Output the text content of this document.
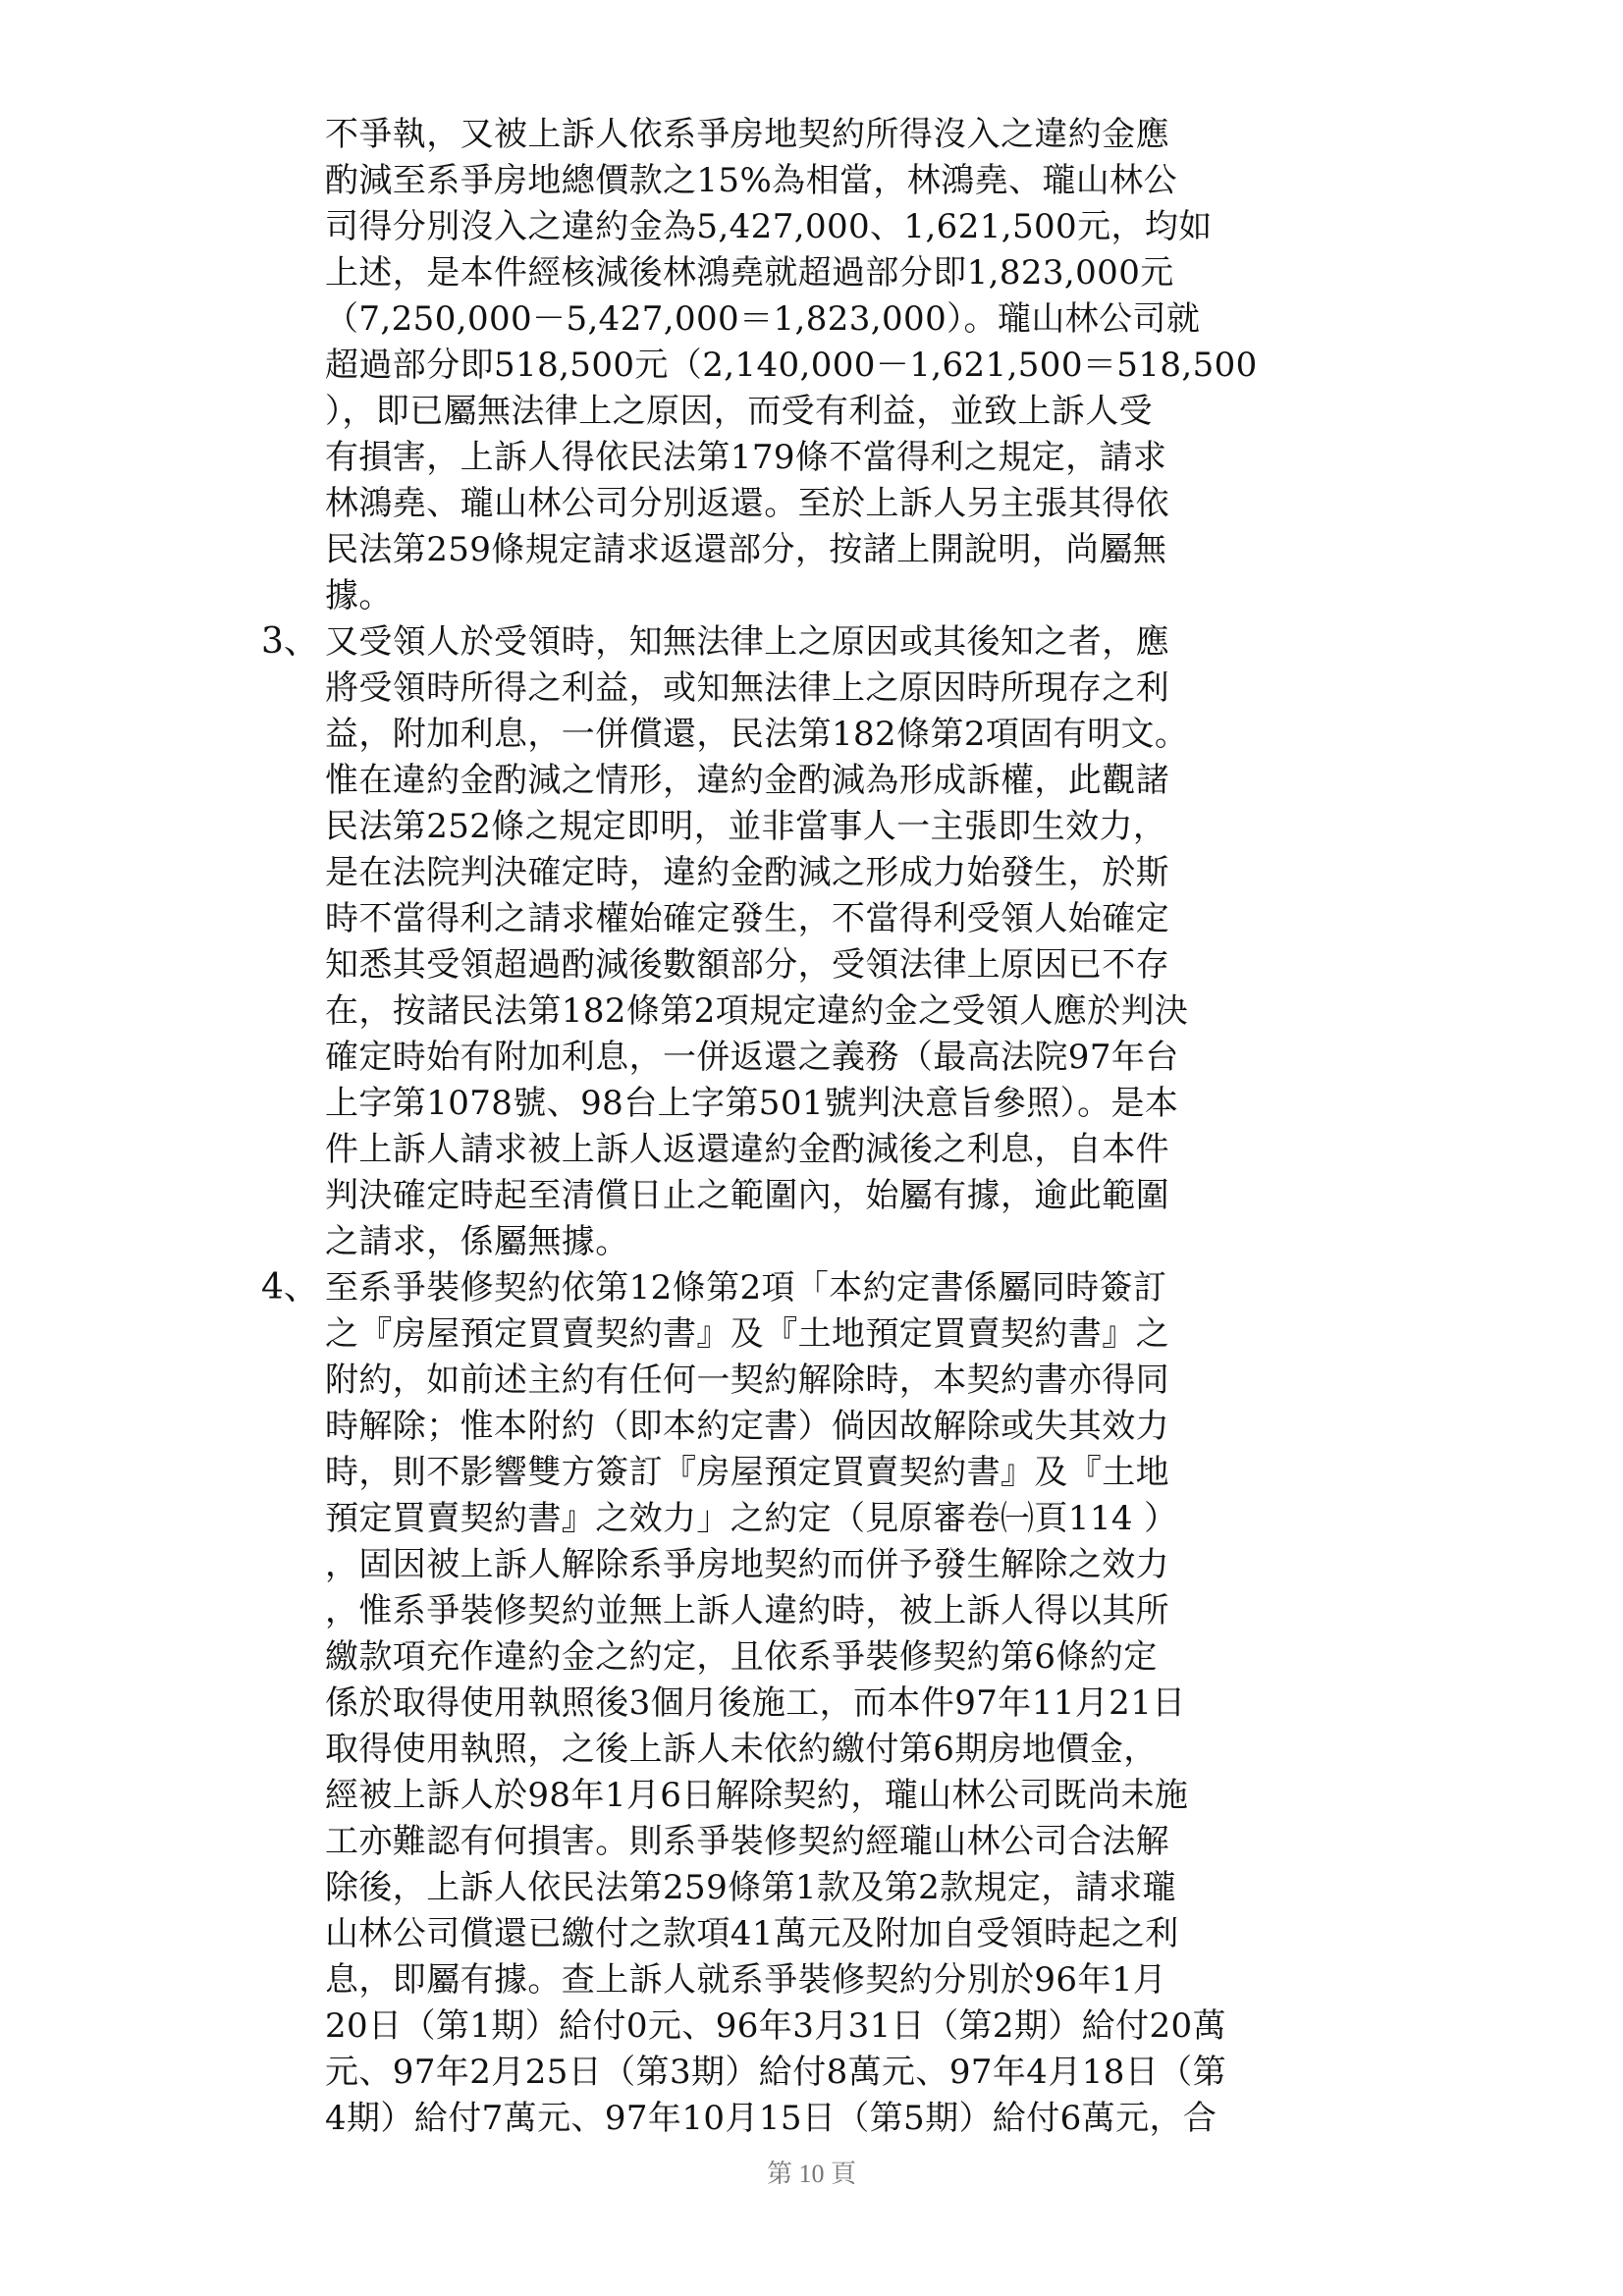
不爭執，又被上訴人依系爭房地契約所得沒入之違約金應
酌減至系爭房地總價款之15%為相當，林鴻堯、瓏山林公
司得分別沒入之違約金為5,427,000、1,621,500元，均如
上述，是本件經核減後林鴻堯就超過部分即1,823,000元
（7,250,000－5,427,000＝1,823,000）。瓏山林公司就
超過部分即518,500元（2,140,000－1,621,500＝518,500
），即已屬無法律上之原因，而受有利益，並致上訴人受
有損害，上訴人得依民法第179條不當得利之規定，請求
林鴻堯、瓏山林公司分別返還。至於上訴人另主張其得依
民法第259條規定請求返還部分，按諸上開說明，尚屬無
據。
3、 又受領人於受領時，知無法律上之原因或其後知之者，應
將受領時所得之利益，或知無法律上之原因時所現存之利
益，附加利息，一併償還，民法第182條第2項固有明文。
惟在違約金酌減之情形，違約金酌減為形成訴權，此觀諸
民法第252條之規定即明，並非當事人一主張即生效力，
是在法院判決確定時，違約金酌減之形成力始發生，於斯
時不當得利之請求權始確定發生，不當得利受領人始確定
知悉其受領超過酌減後數額部分，受領法律上原因已不存
在，按諸民法第182條第2項規定違約金之受領人應於判決
確定時始有附加利息，一併返還之義務（最高法院97年台
上字第1078號、98台上字第501號判決意旨參照）。是本
件上訴人請求被上訴人返還違約金酌減後之利息，自本件
判決確定時起至清償日止之範圍內，始屬有據，逾此範圍
之請求，係屬無據。
4、 至系爭裝修契約依第12條第2項「本約定書係屬同時簽訂
之『房屋預定買賣契約書』及『土地預定買賣契約書』之
附約，如前述主約有任何一契約解除時，本契約書亦得同
時解除；惟本附約（即本約定書）倘因故解除或失其效力
時，則不影響雙方簽訂『房屋預定買賣契約書』及『土地
預定買賣契約書』之效力」之約定（見原審卷㈠頁114 ）
，固因被上訴人解除系爭房地契約而併予發生解除之效力
，惟系爭裝修契約並無上訴人違約時，被上訴人得以其所
繳款項充作違約金之約定，且依系爭裝修契約第6條約定
係於取得使用執照後3個月後施工，而本件97年11月21日
取得使用執照，之後上訴人未依約繳付第6期房地價金，
經被上訴人於98年1月6日解除契約，瓏山林公司既尚未施
工亦難認有何損害。則系爭裝修契約經瓏山林公司合法解
除後，上訴人依民法第259條第1款及第2款規定，請求瓏
山林公司償還已繳付之款項41萬元及附加自受領時起之利
息，即屬有據。查上訴人就系爭裝修契約分別於96年1月
20日（第1期）給付0元、96年3月31日（第2期）給付20萬
元、97年2月25日（第3期）給付8萬元、97年4月18日（第
4期）給付7萬元、97年10月15日（第5期）給付6萬元，合
第 10 頁
